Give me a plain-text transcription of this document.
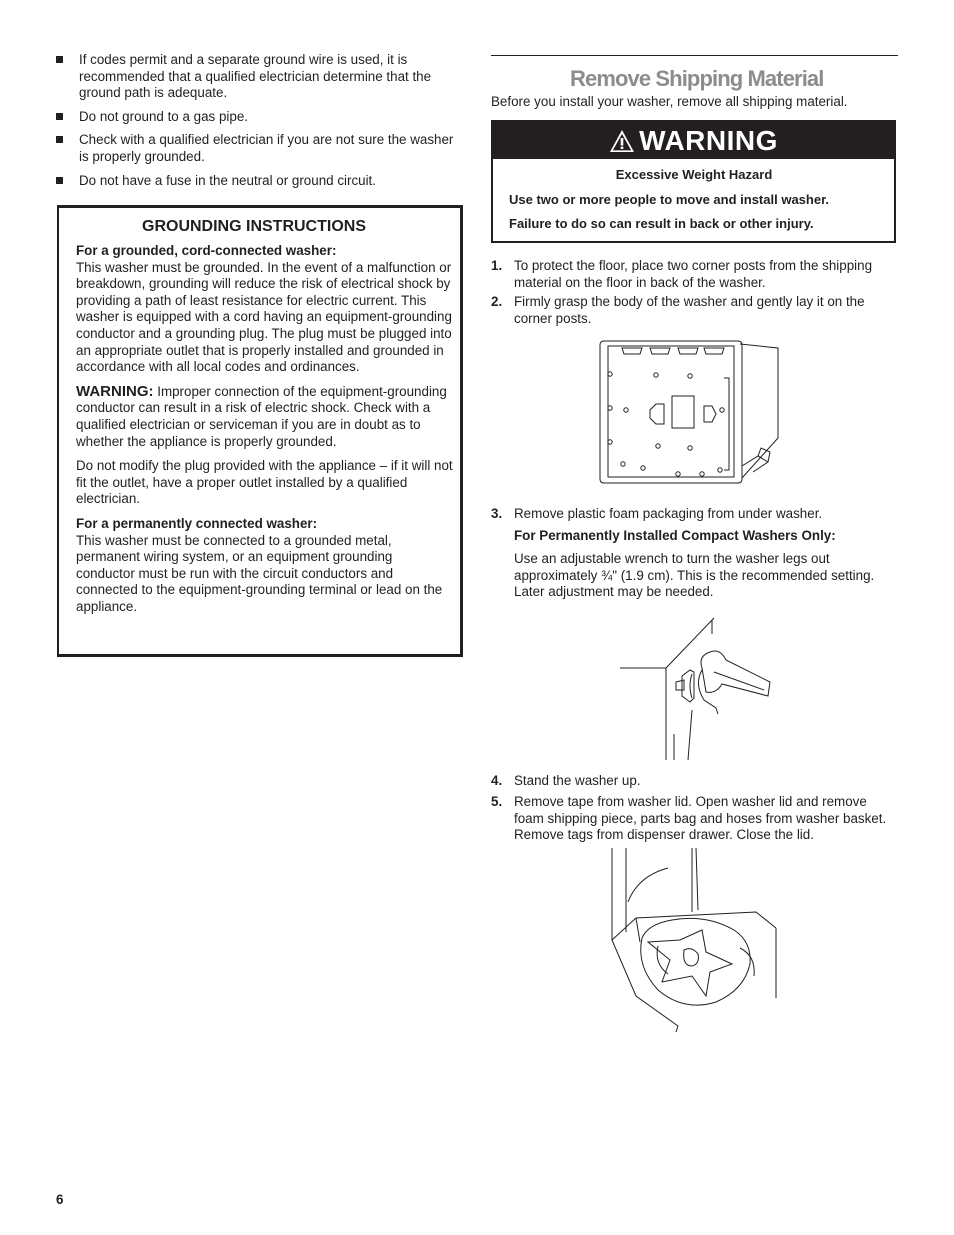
If codes permit and a separate ground wire is used, it is recommended that a qualified electrician determine that the ground path is adequate.
Do not ground to a gas pipe.
Check with a qualified electrician if you are not sure the washer is properly grounded.
Do not have a fuse in the neutral or ground circuit.
GROUNDING INSTRUCTIONS

For a grounded, cord-connected washer:
This washer must be grounded. In the event of a malfunction or breakdown, grounding will reduce the risk of electrical shock by providing a path of least resistance for electric current. This washer is equipped with a cord having an equipment-grounding conductor and a grounding plug. The plug must be plugged into an appropriate outlet that is properly installed and grounded in accordance with all local codes and ordinances.

WARNING: Improper connection of the equipment-grounding conductor can result in a risk of electric shock. Check with a qualified electrician or serviceman if you are in doubt as to whether the appliance is properly grounded.

Do not modify the plug provided with the appliance – if it will not fit the outlet, have a proper outlet installed by a qualified electrician.

For a permanently connected washer:
This washer must be connected to a grounded metal, permanent wiring system, or an equipment grounding conductor must be run with the circuit conductors and connected to the equipment-grounding terminal or lead on the appliance.

Remove Shipping Material
Before you install your washer, remove all shipping material.
WARNING
Excessive Weight Hazard
Use two or more people to move and install washer.
Failure to do so can result in back or other injury.
1. To protect the floor, place two corner posts from the shipping material on the floor in back of the washer.
2. Firmly grasp the body of the washer and gently lay it on the corner posts.
3. Remove plastic foam packaging from under washer.
For Permanently Installed Compact Washers Only:
Use an adjustable wrench to turn the washer legs out approximately ¾" (1.9 cm). This is the recommended setting. Later adjustment may be needed.
4. Stand the washer up.
5. Remove tape from washer lid. Open washer lid and remove foam shipping piece, parts bag and hoses from washer basket. Remove tags from dispenser drawer. Close the lid.
6
